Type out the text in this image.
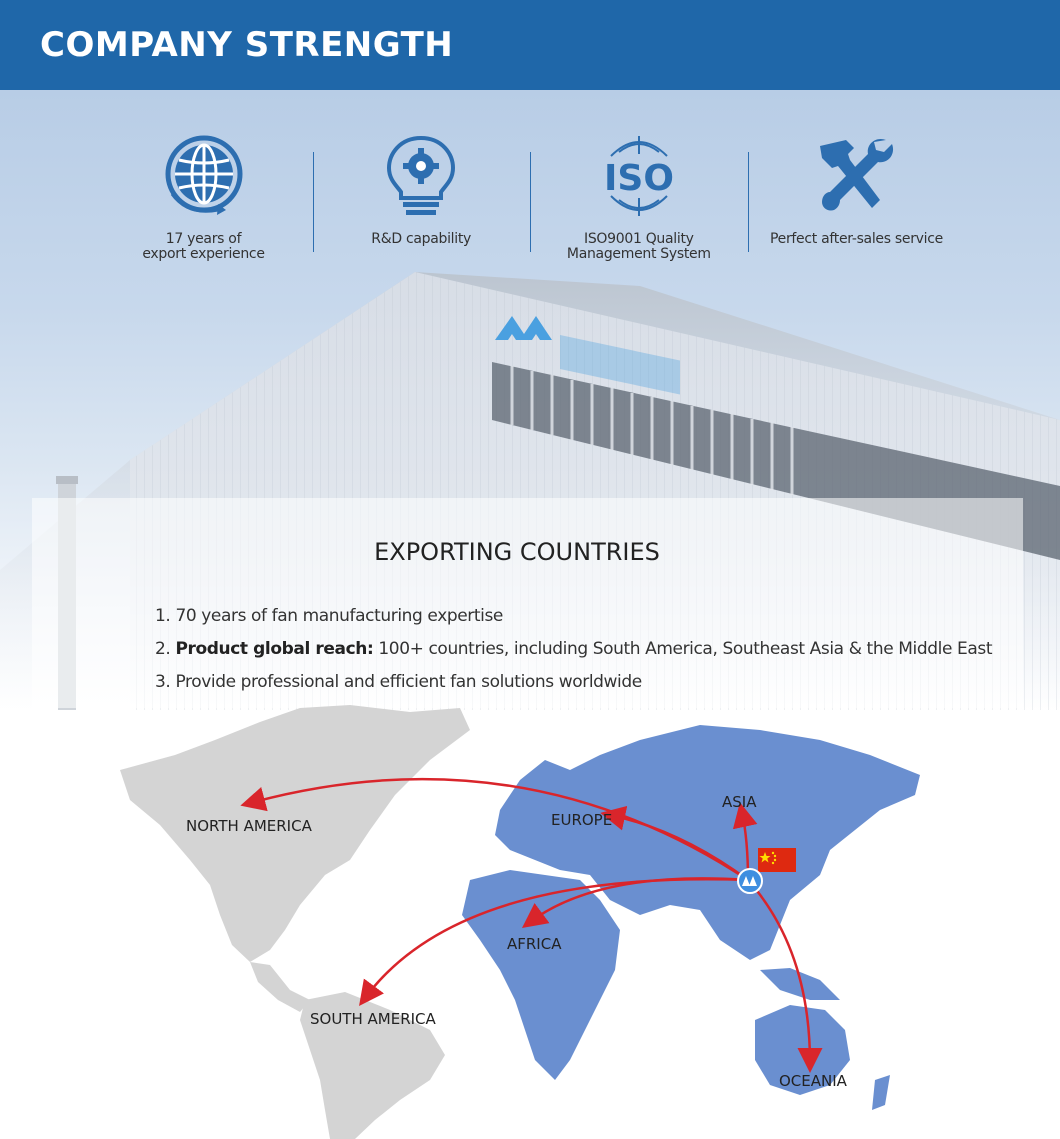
COMPANY STRENGTH
17 years of
export experience
R&D capability
ISO
ISO9001 Quality
Management System
Perfect after-sales service
EXPORTING COUNTRIES
1. 70 years of fan manufacturing expertise
2. Product global reach: 100+ countries, including South America, Southeast Asia & the Middle East
3. Provide professional and efficient fan solutions worldwide
NORTH AMERICA	EUROPE
ASIA
AFRICA
SOUTH AMERICA
OCEANIA
